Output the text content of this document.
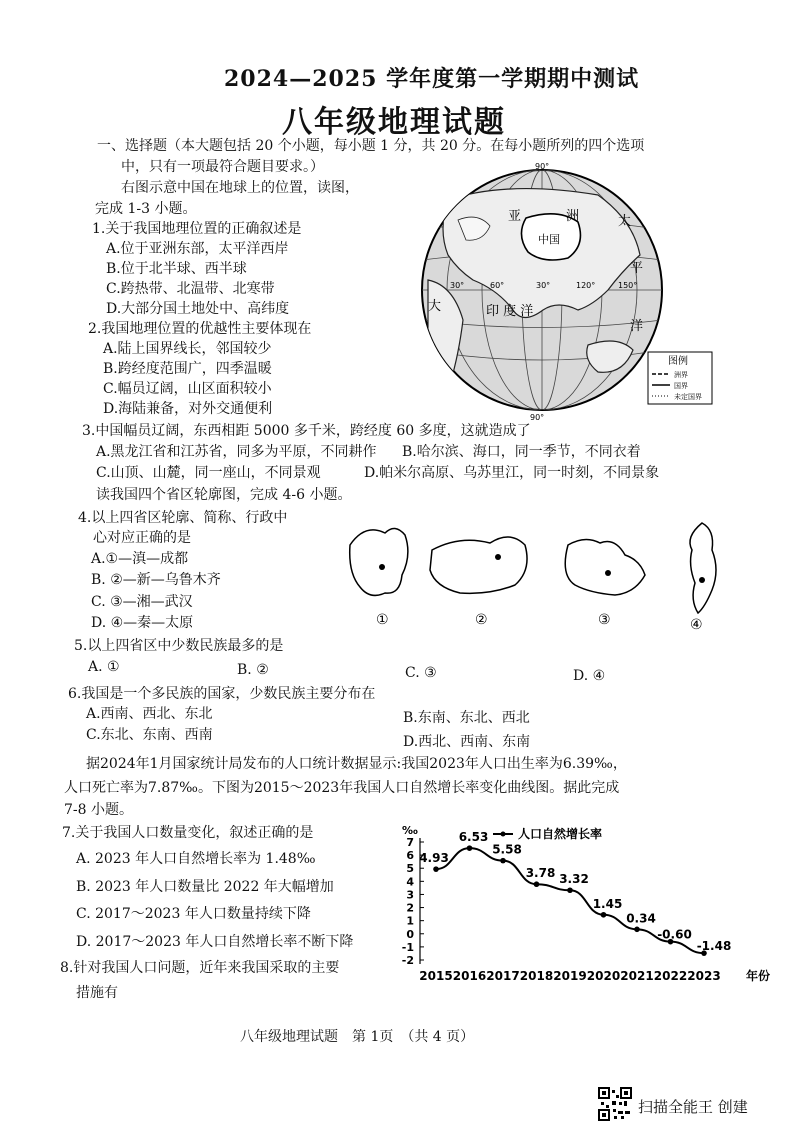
2024—2025 学年度第一学期期中测试
八年级地理试题
一、选择题（本大题包括 20 个小题，每小题 1 分，共 20 分。在每小题所列的四个选项
中，只有一项最符合题目要求。）
右图示意中国在地球上的位置，读图，
完成 1-3 小题。
1.关于我国地理位置的正确叙述是
A.位于亚洲东部，太平洋西岸
B.位于北半球、西半球
C.跨热带、北温带、北寒带
D.大部分国土地处中、高纬度
2.我国地理位置的优越性主要体现在
A.陆上国界线长，邻国较少
B.跨经度范围广，四季温暖
C.幅员辽阔，山区面积较小
D.海陆兼备，对外交通便利
90°
90°
30°	30°
60°	120°	150°
亚	洲	太
平
洋
中国
印 度 洋
大
图例
洲界
国界
未定国界
3.中国幅员辽阔，东西相距 5000 多千米，跨经度 60 多度，这就造成了
A.黑龙江省和江苏省，同多为平原，不同耕作 B.哈尔滨、海口，同一季节，不同衣着
C.山顶、山麓，同一座山，不同景观	D.帕米尔高原、乌苏里江，同一时刻，不同景象
读我国四个省区轮廓图，完成 4-6 小题。
4.以上四省区轮廓、简称、行政中
心对应正确的是
A.①—滇—成都
B. ②—新—乌鲁木齐
C. ③—湘—武汉
D. ④—秦—太原	①	②	③	④
5.以上四省区中少数民族最多的是
A. ①	B. ②	C. ③	D. ④
6.我国是一个多民族的国家，少数民族主要分布在
A.西南、西北、东北	B.东南、东北、西北
C.东北、东南、西南	D.西北、西南、东南
据2024年1月国家统计局发布的人口统计数据显示:我国2023年人口出生率为6.39‰，
人口死亡率为7.87‰。下图为2015～2023年我国人口自然增长率变化曲线图。据此完成
7-8 小题。
7.关于我国人口数量变化，叙述正确的是
A. 2023 年人口自然增长率为 1.48‰
B. 2023 年人口数量比 2022 年大幅增加
C. 2017～2023 年人口数量持续下降
D. 2017～2023 年人口自然增长率不断下降
8.针对我国人口问题，近年来我国采取的主要
措施有
‰	人口自然增长率
7
6
5
4
3
2
1
0
-1
-2
4.93
6.53
5.58
3.78 3.32
1.45
0.34
-0.60
-1.48
2015 2016 2017 2018 2019 2020 2021 2022 2023 年份
八年级地理试题　第 1页　（共 4 页）
扫描全能王 创建
